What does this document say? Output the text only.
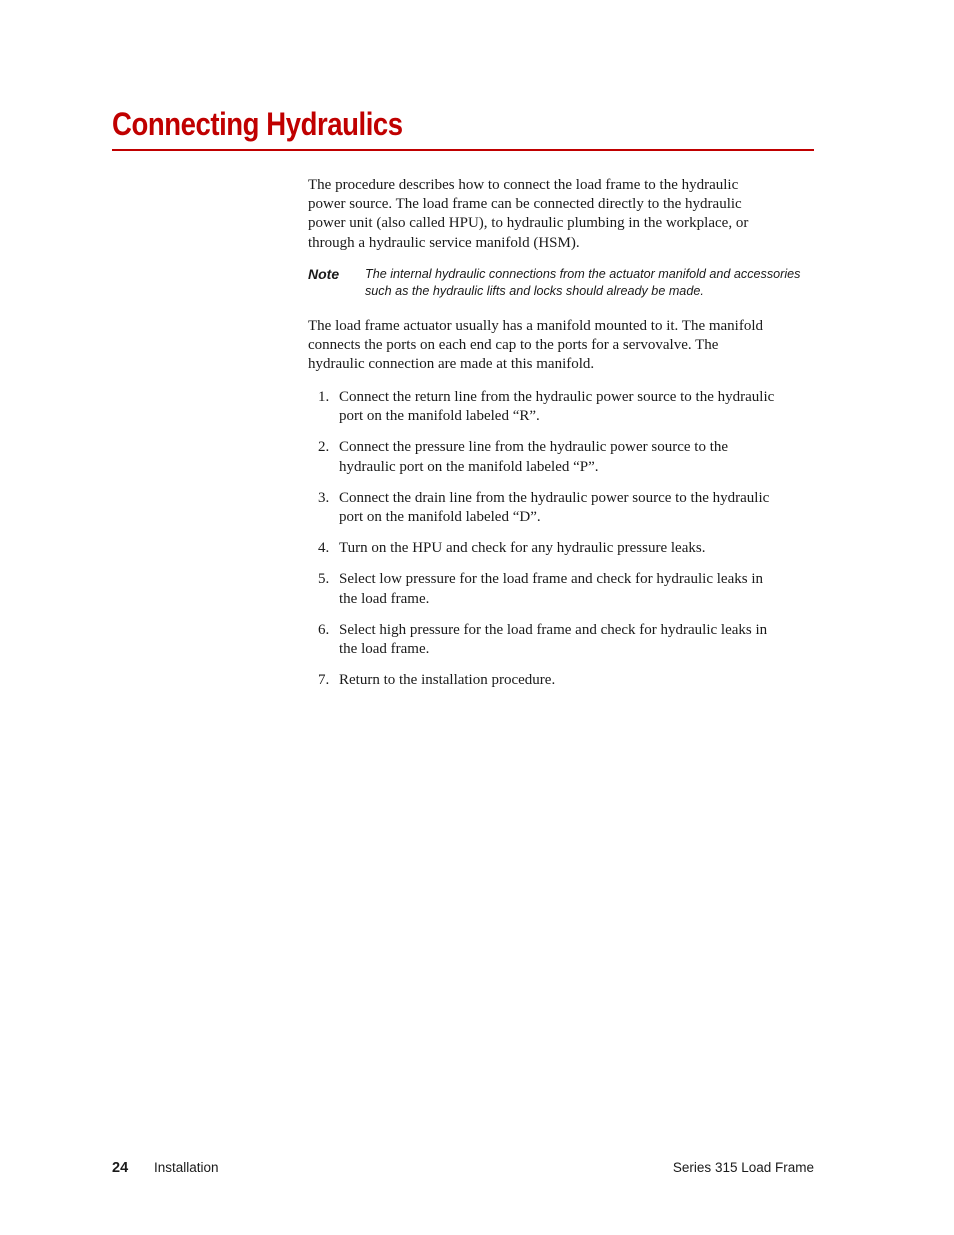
Connecting Hydraulics

The procedure describes how to connect the load frame to the hydraulic power source. The load frame can be connected directly to the hydraulic power unit (also called HPU), to hydraulic plumbing in the workplace, or through a hydraulic service manifold (HSM).

Note The internal hydraulic connections from the actuator manifold and accessories such as the hydraulic lifts and locks should already be made.

The load frame actuator usually has a manifold mounted to it. The manifold connects the ports on each end cap to the ports for a servovalve. The hydraulic connection are made at this manifold.

1. Connect the return line from the hydraulic power source to the hydraulic port on the manifold labeled “R”.
2. Connect the pressure line from the hydraulic power source to the hydraulic port on the manifold labeled “P”.
3. Connect the drain line from the hydraulic power source to the hydraulic port on the manifold labeled “D”.
4. Turn on the HPU and check for any hydraulic pressure leaks.
5. Select low pressure for the load frame and check for hydraulic leaks in the load frame.
6. Select high pressure for the load frame and check for hydraulic leaks in the load frame.
7. Return to the installation procedure.
24 Installation	Series 315 Load Frame
